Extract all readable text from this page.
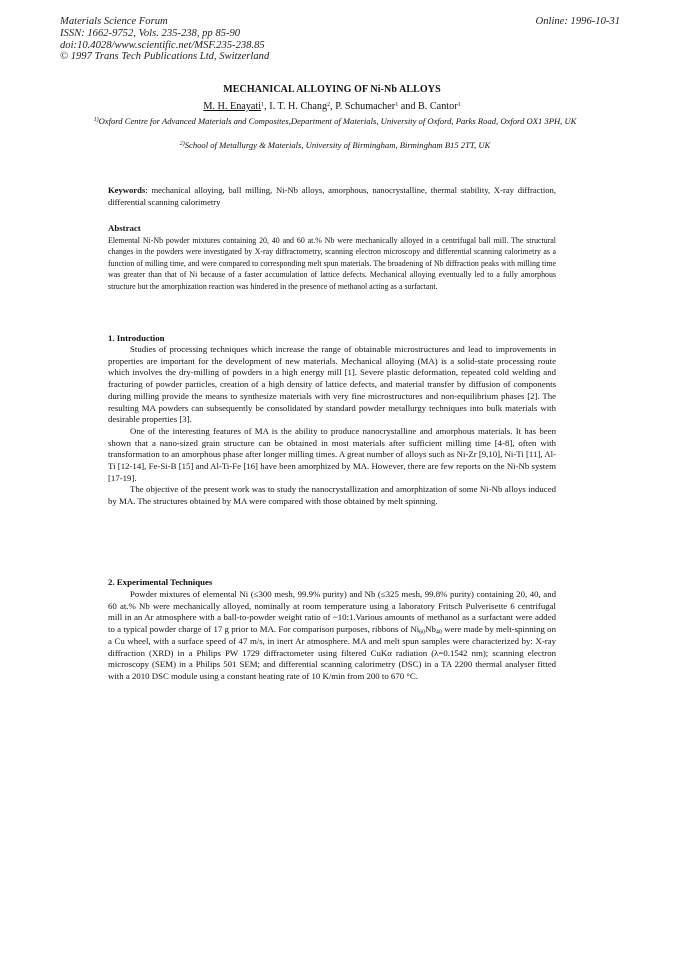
Materials Science Forum
ISSN: 1662-9752, Vols. 235-238, pp 85-90
doi:10.4028/www.scientific.net/MSF.235-238.85
© 1997 Trans Tech Publications Ltd, Switzerland
Online: 1996-10-31
MECHANICAL ALLOYING OF Ni-Nb ALLOYS
M. H. Enayati$^1$, I. T. H. Chang$^2$, P. Schumacher$^1$ and B. Cantor$^1$
$^{1)}$Oxford Centre for Advanced Materials and Composites,Department of Materials, University of Oxford, Parks Road, Oxford OX1 3PH, UK
$^{2)}$School of Metallurgy & Materials, University of Birmingham, Birmingham B15 2TT, UK
Keywords: mechanical alloying, ball milling, Ni-Nb alloys, amorphous, nanocrystalline, thermal stability, X-ray diffraction, differential scanning calorimetry
Abstract
Elemental Ni-Nb powder mixtures containing 20, 40 and 60 at.% Nb were mechanically alloyed in a centrifugal ball mill. The structural changes in the powders were investigated by X-ray diffractometry, scanning electron microscopy and differential scanning calorimetry as a function of milling time, and were compared to corresponding melt spun materials. The broadening of Nb diffraction peaks with milling time was greater than that of Ni because of a faster accumulation of lattice defects. Mechanical alloying eventually led to a fully amorphous structure but the amorphization reaction was hindered in the presence of methanol acting as a surfactant.
1. Introduction

Studies of processing techniques which increase the range of obtainable microstructures and lead to improvements in properties are important for the development of new materials. Mechanical alloying (MA) is a solid-state processing route which involves the dry-milling of powders in a high energy mill [1]. Severe plastic deformation, repeated cold welding and fracturing of powder particles, creation of a high density of lattice defects, and material transfer by diffusion of components during milling provide the means to synthesize materials with very fine microstructures and non-equilibrium phases [2]. The resulting MA powders can subsequently be consolidated by standard powder metallurgy techniques into bulk materials with desirable properties [3].

One of the interesting features of MA is the ability to produce nanocrystalline and amorphous materials. It has been shown that a nano-sized grain structure can be obtained in most materials after sufficient milling time [4-8], often with transformation to an amorphous phase after longer milling times. A great number of alloys such as Ni-Zr [9,10], Ni-Ti [11], Al-Ti [12-14], Fe-Si-B [15] and Al-Ti-Fe [16] have been amorphized by MA. However, there are few reports on the Ni-Nb system [17-19].

The objective of the present work was to study the nanocrystallization and amorphization of some Ni-Nb alloys induced by MA. The structures obtained by MA were compared with those obtained by melt spinning.

2. Experimental Techniques

Powder mixtures of elemental Ni (≤300 mesh, 99.9% purity) and Nb (≤325 mesh, 99.8% purity) containing 20, 40, and 60 at.% Nb were mechanically alloyed, nominally at room temperature using a laboratory Fritsch Pulverisette 6 centrifugal mill in an Ar atmosphere with a ball-to-powder weight ratio of ~10:1.Various amounts of methanol as a surfactant were added to a typical powder charge of 17 g prior to MA. For comparison purposes, ribbons of $Ni_{60}Nb_{40}$ were made by melt-spinning on a Cu wheel, with a surface speed of 47 m/s, in inert Ar atmosphere. MA and melt spun samples were characterized by: X-ray diffraction (XRD) in a Philips PW 1729 diffractometer using filtered CuKα radiation (λ=0.1542 nm); scanning electron microscopy (SEM) in a Philips 501 SEM; and differential scanning calorimetry (DSC) in a TA 2200 thermal analyser fitted with a 2010 DSC module using a constant heating rate of 10 K/min from 200 to 670 °C.
